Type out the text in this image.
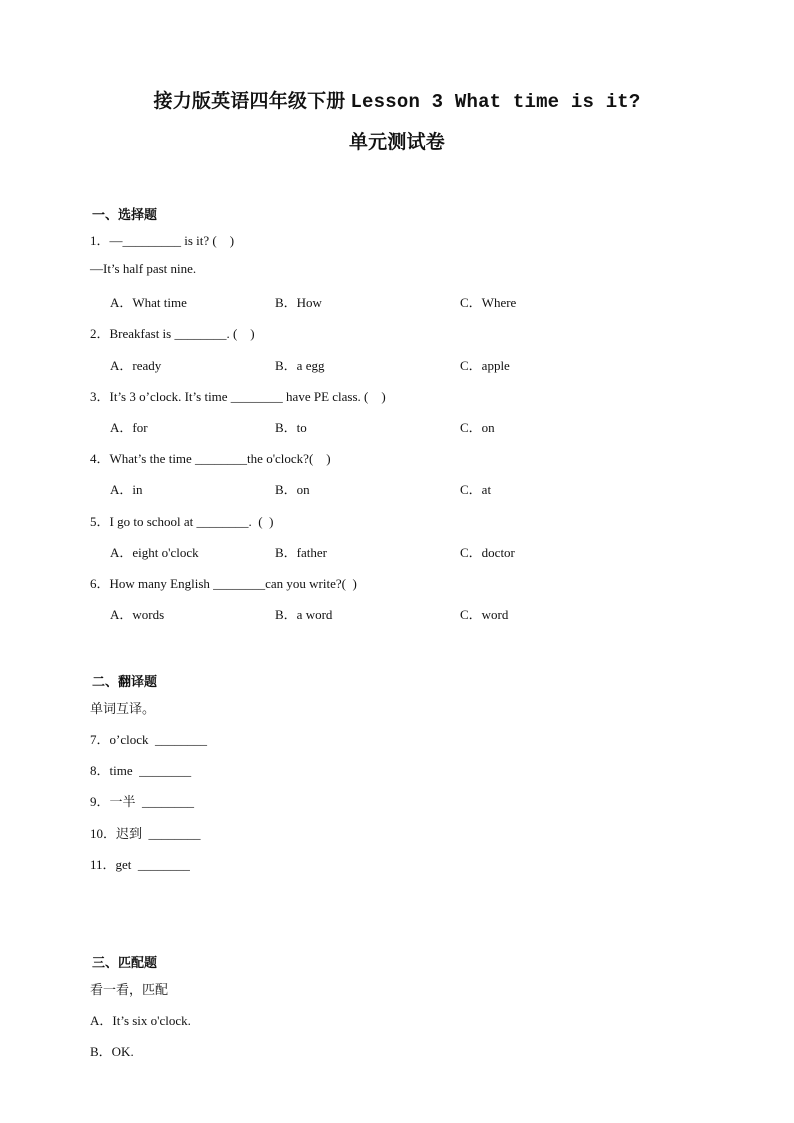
接力版英语四年级下册 Lesson 3 What time is it?
单元测试卷
一、选择题
1．—_________ is it? (    )
—It’s half past nine.
A．What time	B．How	C．Where
2．Breakfast is ________. (    )
A．ready	B．a egg	C．apple
3．It’s 3 o’clock. It’s time ________ have PE class. (    )
A．for	B．to	C．on
4．What’s the time ________the o'clock?(    )
A．in	B．on	C．at
5．I go to school at ________.  (  )
A．eight o'clock	B．father	C．doctor
6．How many English ________can you write?(  )
A．words	B．a word	C．word
二、翻译题
单词互译。
7．o’clock  ________
8．time  ________
9．一半  ________
10．迟到  ________
11．get  ________
三、匹配题
看一看，匹配
A．It’s six o'clock.
B．OK.
